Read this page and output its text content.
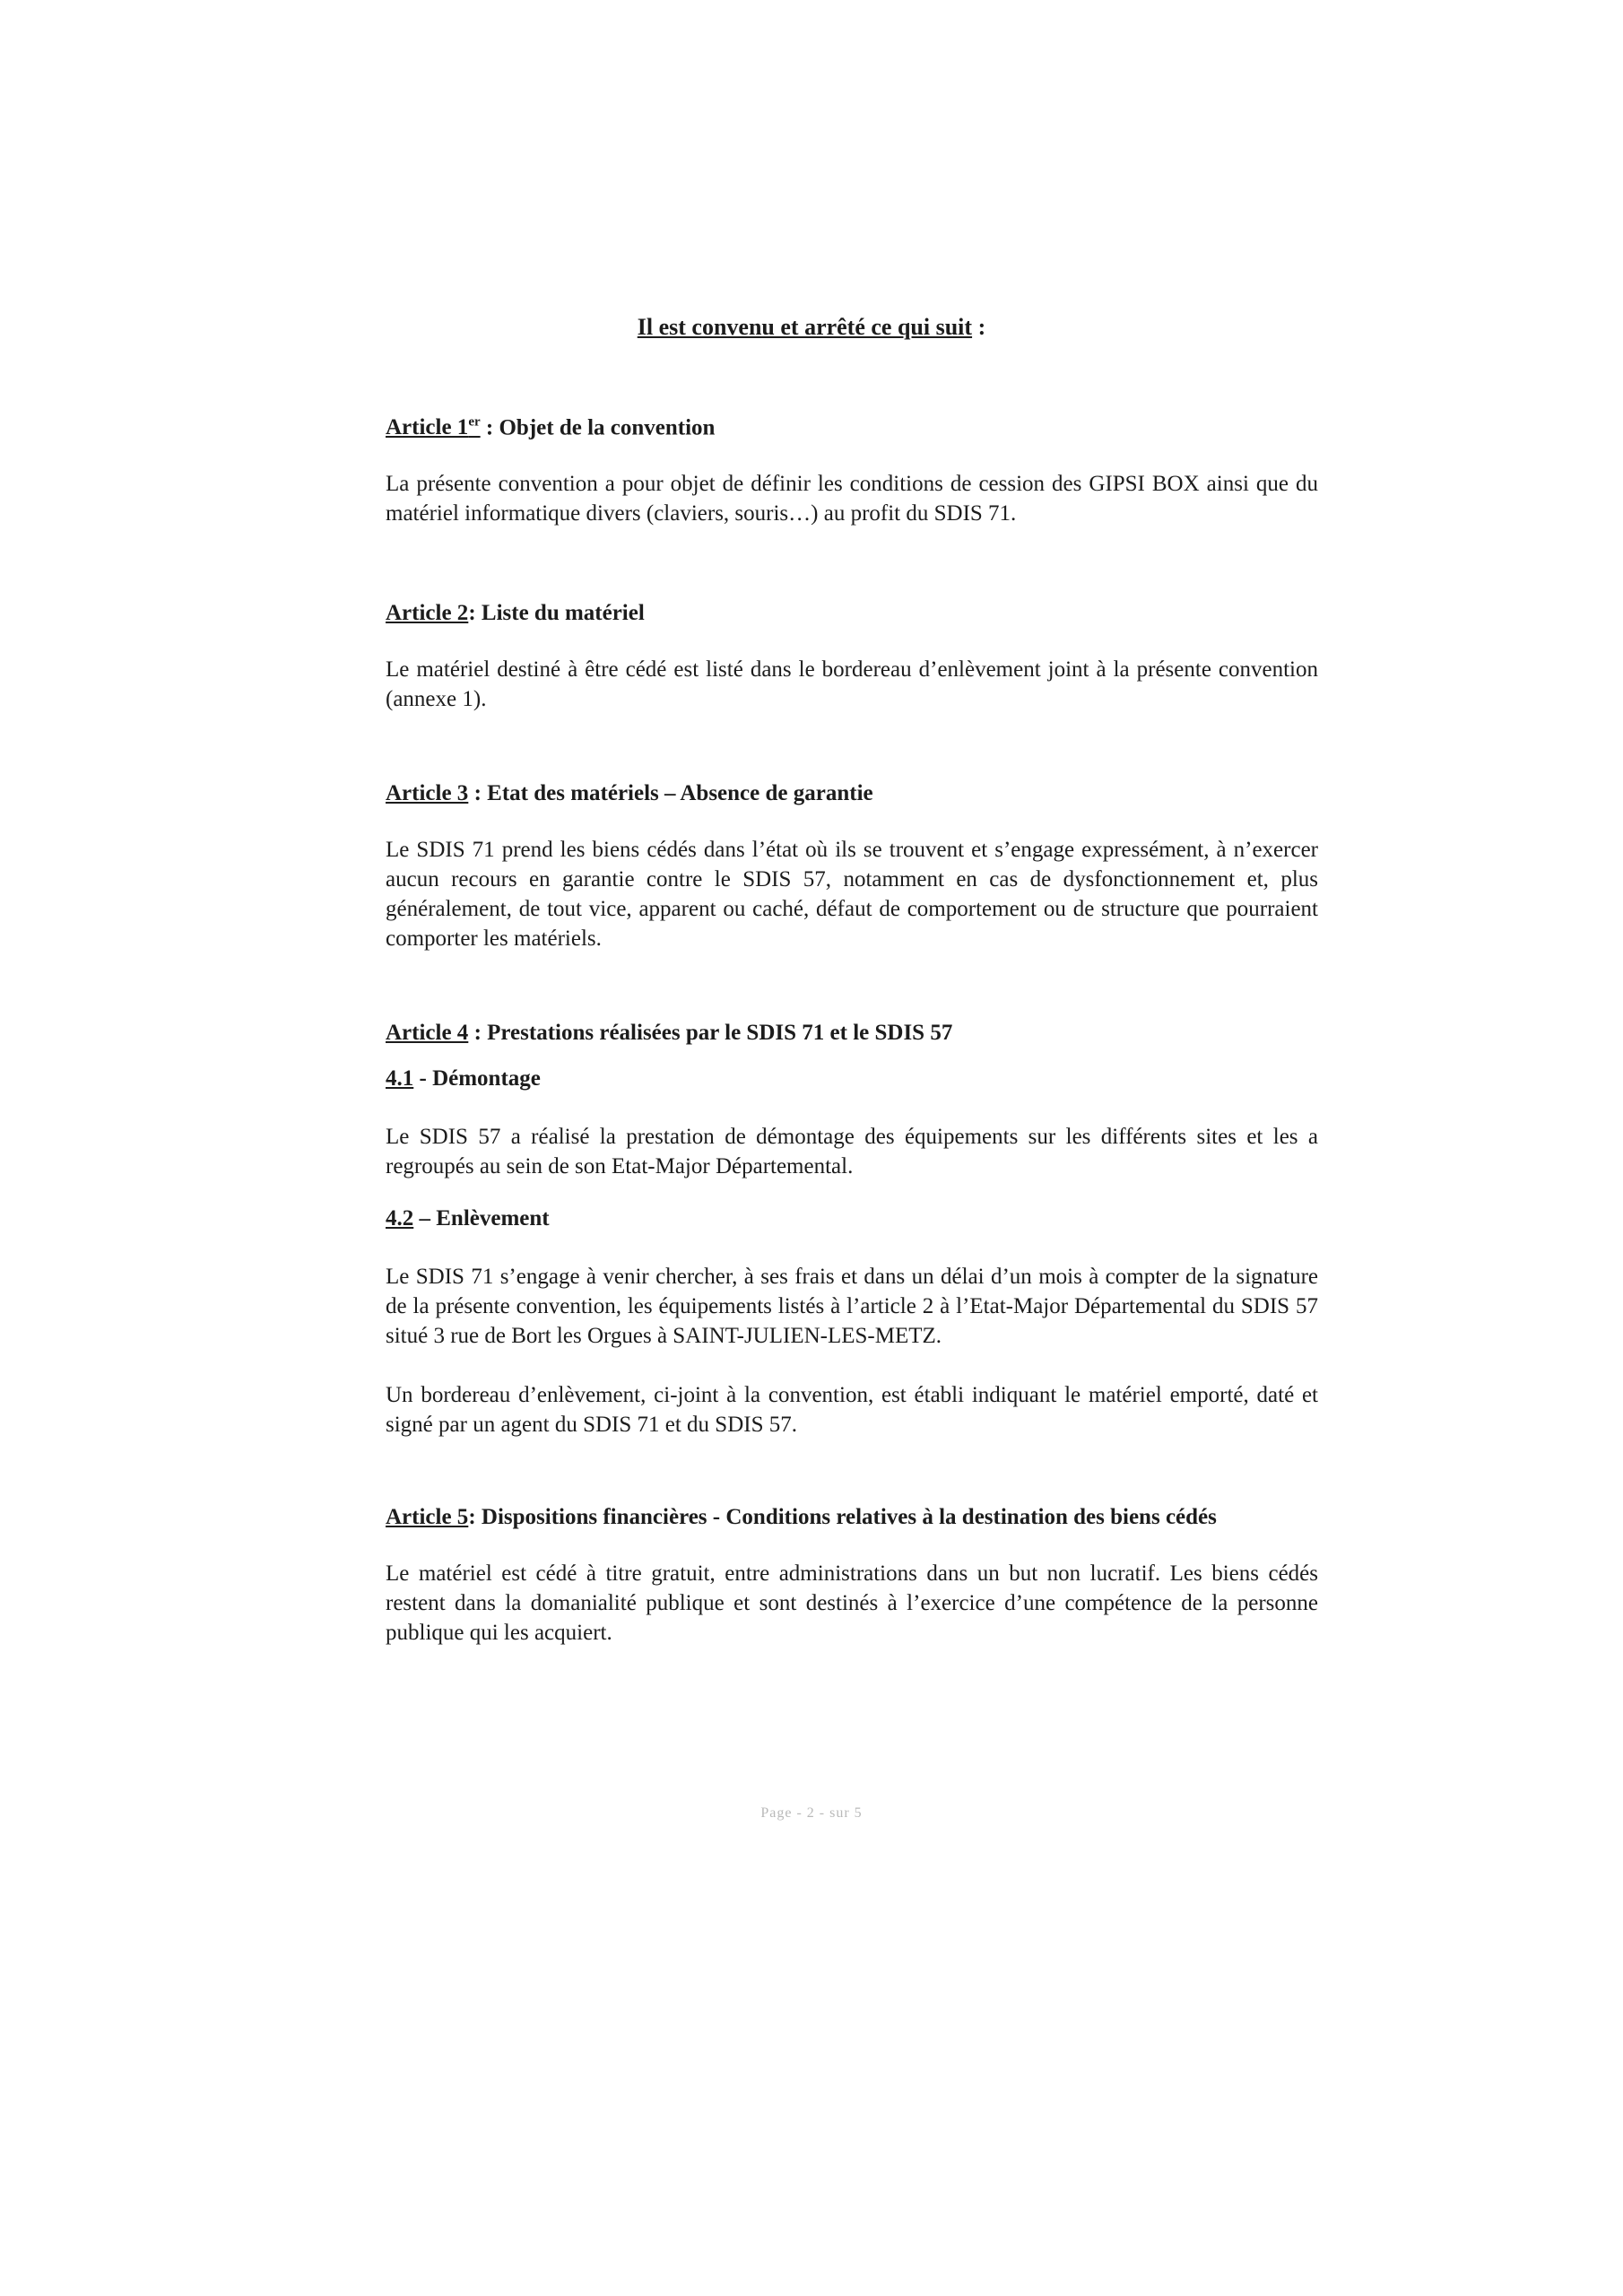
Il est convenu et arrêté ce qui suit :

Article 1er : Objet de la convention

La présente convention a pour objet de définir les conditions de cession des GIPSI BOX ainsi que du matériel informatique divers (claviers, souris…) au profit du SDIS 71.

Article 2: Liste du matériel

Le matériel destiné à être cédé est listé dans le bordereau d’enlèvement joint à la présente convention (annexe 1).

Article 3 : Etat des matériels – Absence de garantie

Le SDIS 71 prend les biens cédés dans l’état où ils se trouvent et s’engage expressément, à n’exercer aucun recours en garantie contre le SDIS 57, notamment en cas de dysfonctionnement et, plus généralement, de tout vice, apparent ou caché, défaut de comportement ou de structure que pourraient comporter les matériels.

Article 4 : Prestations réalisées par le SDIS 71 et le SDIS 57

4.1 - Démontage

Le SDIS 57 a réalisé la prestation de démontage des équipements sur les différents sites et les a regroupés au sein de son Etat-Major Départemental.

4.2 – Enlèvement

Le SDIS 71 s’engage à venir chercher, à ses frais et dans un délai d’un mois à compter de la signature de la présente convention, les équipements listés à l’article 2 à l’Etat-Major Départemental du SDIS 57 situé 3 rue de Bort les Orgues à SAINT-JULIEN-LES-METZ.

Un bordereau d’enlèvement, ci-joint à la convention, est établi indiquant le matériel emporté, daté et signé par un agent du SDIS 71 et du SDIS 57.

Article 5: Dispositions financières - Conditions relatives à la destination des biens cédés

Le matériel est cédé à titre gratuit, entre administrations dans un but non lucratif. Les biens cédés restent dans la domanialité publique et sont destinés à l’exercice d’une compétence de la personne publique qui les acquiert.

Page - 2 - sur 5
